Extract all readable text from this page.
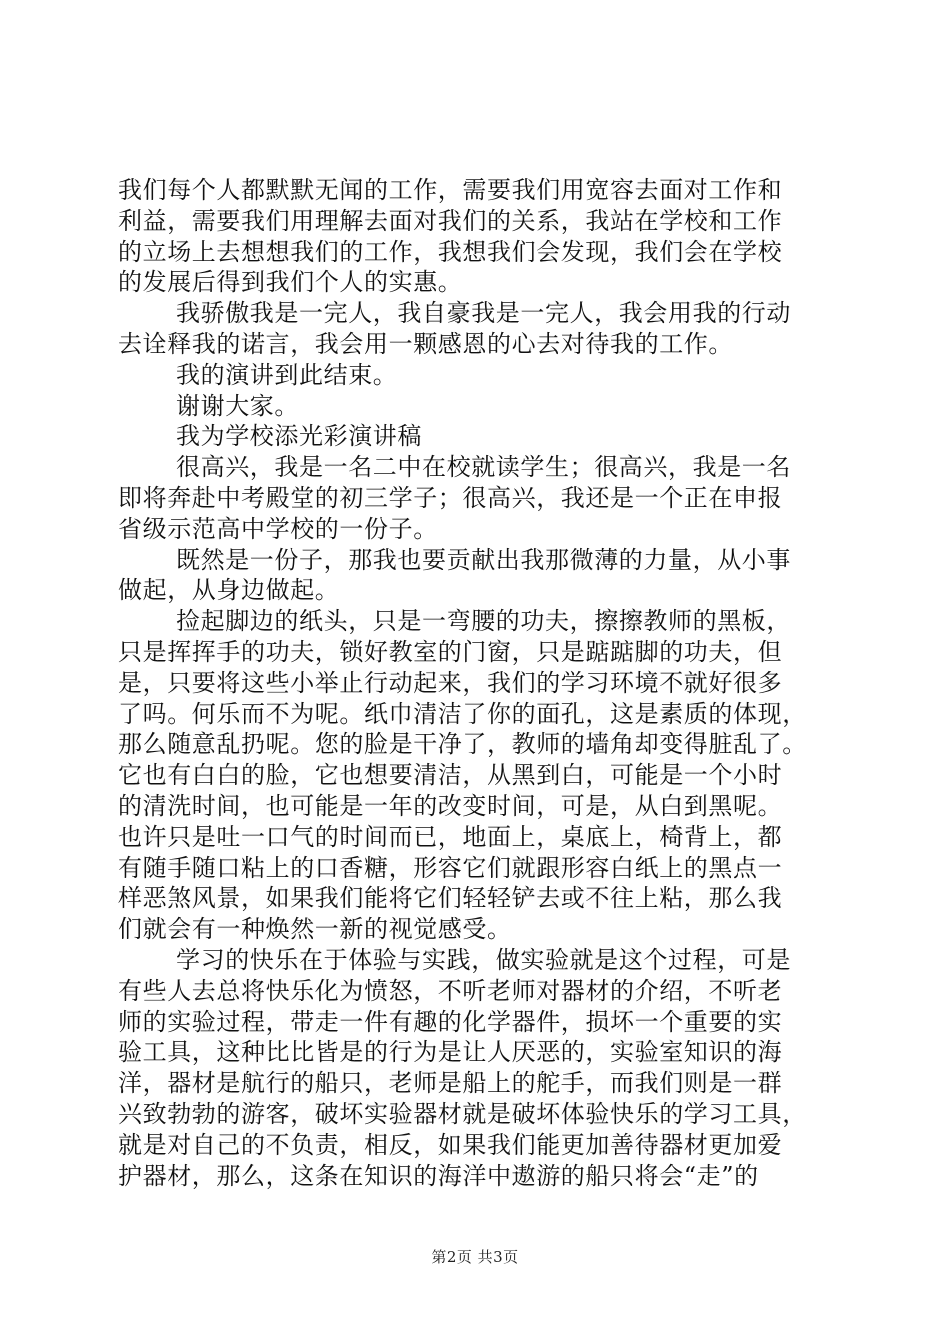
我们每个人都默默无闻的工作，需要我们用宽容去面对工作和
利益，需要我们用理解去面对我们的关系，我站在学校和工作
的立场上去想想我们的工作，我想我们会发现，我们会在学校
的发展后得到我们个人的实惠。
我骄傲我是一完人，我自豪我是一完人，我会用我的行动
去诠释我的诺言，我会用一颗感恩的心去对待我的工作。
我的演讲到此结束。
谢谢大家。
我为学校添光彩演讲稿
很高兴，我是一名二中在校就读学生；很高兴，我是一名
即将奔赴中考殿堂的初三学子；很高兴，我还是一个正在申报
省级示范高中学校的一份子。
既然是一份子，那我也要贡献出我那微薄的力量，从小事
做起，从身边做起。
捡起脚边的纸头，只是一弯腰的功夫，擦擦教师的黑板，
只是挥挥手的功夫，锁好教室的门窗，只是踮踮脚的功夫，但
是，只要将这些小举止行动起来，我们的学习环境不就好很多
了吗。何乐而不为呢。纸巾清洁了你的面孔，这是素质的体现，
那么随意乱扔呢。您的脸是干净了，教师的墙角却变得脏乱了。
它也有白白的脸，它也想要清洁，从黑到白，可能是一个小时
的清洗时间，也可能是一年的改变时间，可是，从白到黑呢。
也许只是吐一口气的时间而已，地面上，桌底上，椅背上，都
有随手随口粘上的口香糖，形容它们就跟形容白纸上的黑点一
样恶煞风景，如果我们能将它们轻轻铲去或不往上粘，那么我
们就会有一种焕然一新的视觉感受。
学习的快乐在于体验与实践，做实验就是这个过程，可是
有些人去总将快乐化为愤怒，不听老师对器材的介绍，不听老
师的实验过程，带走一件有趣的化学器件，损坏一个重要的实
验工具，这种比比皆是的行为是让人厌恶的，实验室知识的海
洋，器材是航行的船只，老师是船上的舵手，而我们则是一群
兴致勃勃的游客，破坏实验器材就是破坏体验快乐的学习工具，
就是对自己的不负责，相反，如果我们能更加善待器材更加爱
护器材，那么，这条在知识的海洋中遨游的船只将会“走”的
第2页 共3页
